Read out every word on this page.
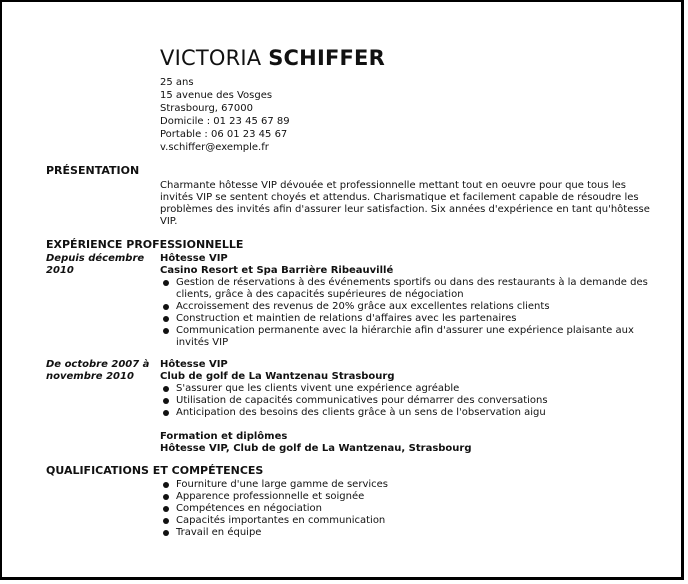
VICTORIA SCHIFFER
25 ans
15 avenue des Vosges
Strasbourg, 67000
Domicile : 01 23 45 67 89
Portable : 06 01 23 45 67
v.schiffer@exemple.fr
PRÉSENTATION
Charmante hôtesse VIP dévouée et professionnelle mettant tout en oeuvre pour que tous les invités VIP se sentent choyés et attendus. Charismatique et facilement capable de résoudre les problèmes des invités afin d'assurer leur satisfaction. Six années d'expérience en tant qu'hôtesse VIP.
EXPÉRIENCE PROFESSIONNELLE
Depuis décembre 2010
Hôtesse VIP
Casino Resort et Spa Barrière Ribeauvillé
Gestion de réservations à des événements sportifs ou dans des restaurants à la demande des clients, grâce à des capacités supérieures de négociation
Accroissement des revenus de 20% grâce aux excellentes relations clients
Construction et maintien de relations d'affaires avec les partenaires
Communication permanente avec la hiérarchie afin d'assurer une expérience plaisante aux invités VIP
De octobre 2007 à novembre 2010
Hôtesse VIP
Club de golf de La Wantzenau Strasbourg
S'assurer que les clients vivent une expérience agréable
Utilisation de capacités communicatives pour démarrer des conversations
Anticipation des besoins des clients grâce à un sens de l'observation aigu
Formation et diplômes
Hôtesse VIP, Club de golf de La Wantzenau, Strasbourg
QUALIFICATIONS ET COMPÉTENCES
Fourniture d'une large gamme de services
Apparence professionnelle et soignée
Compétences en négociation
Capacités importantes en communication
Travail en équipe
